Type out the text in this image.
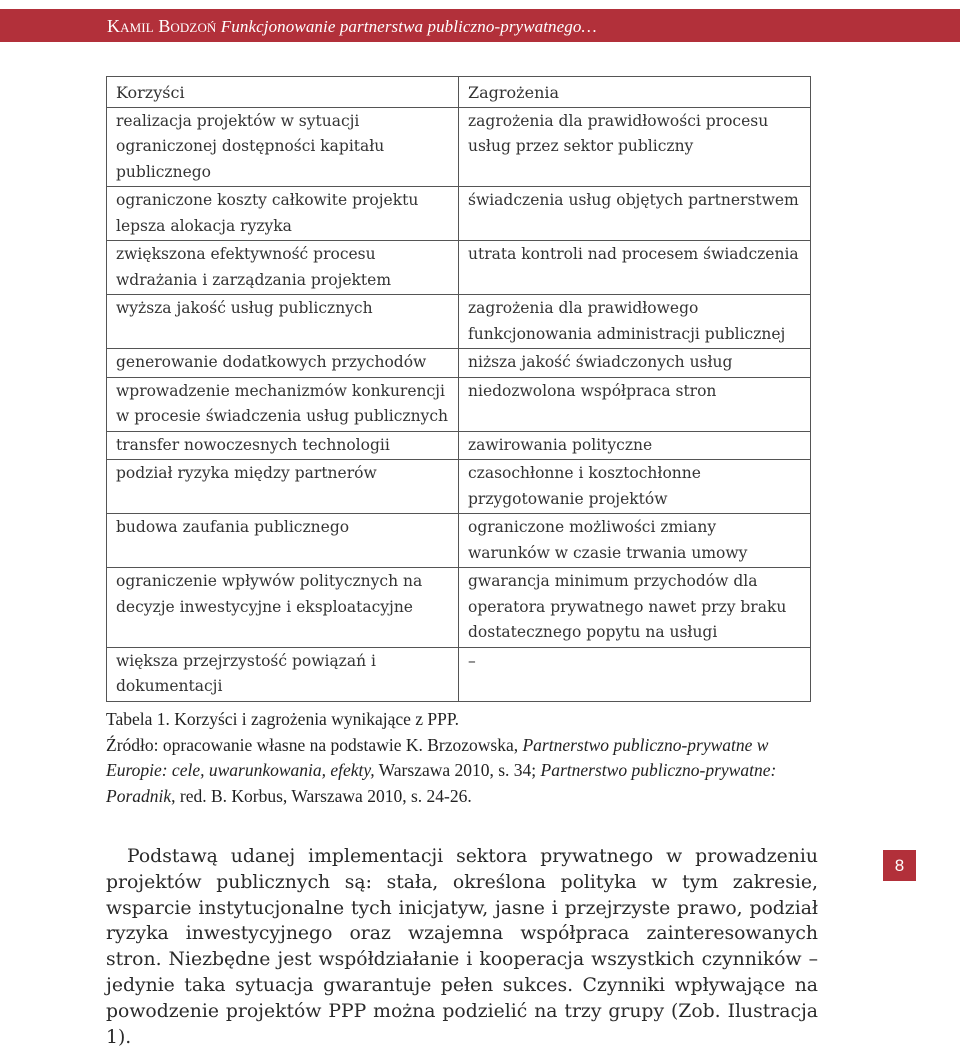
Kamil Bodzoń Funkcjonowanie partnerstwa publiczno-prywatnego…
Korzyści	Zagrożenia
realizacja projektów w sytuacji ograniczonej dostępności kapitału publicznego	zagrożenia dla prawidłowości procesu usług przez sektor publiczny
ograniczone koszty całkowite projektu lepsza alokacja ryzyka	świadczenia usług objętych partnerstwem
zwiększona efektywność procesu wdrażania i zarządzania projektem	utrata kontroli nad procesem świadczenia
wyższa jakość usług publicznych	zagrożenia dla prawidłowego funkcjonowania administracji publicznej
generowanie dodatkowych przychodów	niższa jakość świadczonych usług
wprowadzenie mechanizmów konkurencji w procesie świadczenia usług publicznych	niedozwolona współpraca stron
transfer nowoczesnych technologii	zawirowania polityczne
podział ryzyka między partnerów	czasochłonne i kosztochłonne przygotowanie projektów
budowa zaufania publicznego	ograniczone możliwości zmiany warunków w czasie trwania umowy
ograniczenie wpływów politycznych na decyzje inwestycyjne i eksploatacyjne	gwarancja minimum przychodów dla operatora prywatnego nawet przy braku dostatecznego popytu na usługi
większa przejrzystość powiązań i dokumentacji	–

Tabela 1. Korzyści i zagrożenia wynikające z PPP.

Źródło: opracowanie własne na podstawie K. Brzozowska, Partnerstwo publiczno-prywatne w Europie: cele, uwarunkowania, efekty, Warszawa 2010, s. 34; Partnerstwo publiczno-prywatne: Poradnik, red. B. Korbus, Warszawa 2010, s. 24-26.

Podstawą udanej implementacji sektora prywatnego w prowadzeniu projektów publicznych są: stała, określona polityka w tym zakresie, wsparcie instytucjonalne tych inicjatyw, jasne i przejrzyste prawo, podział ryzyka inwestycyjnego oraz wzajemna współpraca zainteresowanych stron. Niezbędne jest współdziałanie i kooperacja wszystkich czynników – jedynie taka sytuacja gwarantuje pełen sukces. Czynniki wpływające na powodzenie projektów PPP można podzielić na trzy grupy (Zob. Ilustracja 1).

8
